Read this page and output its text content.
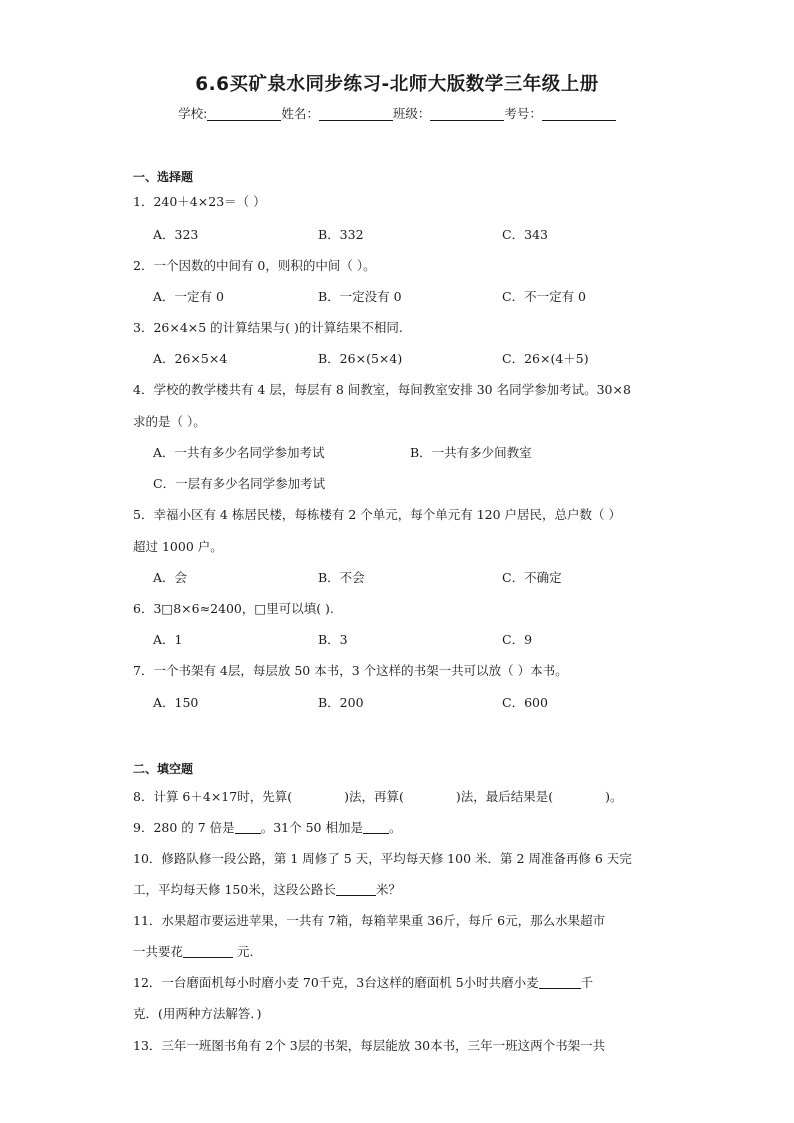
6.6买矿泉水同步练习-北师大版数学三年级上册
学校:	姓名：	班级：	考号：
一、选择题
1．240＋4×23＝（ ）
A．323	B．332	C．343
2．一个因数的中间有 0，则积的中间（ ）。
A．一定有 0	B．一定没有 0	C．不一定有 0
3．26×4×5 的计算结果与( )的计算结果不相同.
A．26×5×4	B．26×(5×4)	C．26×(4＋5)
4．学校的教学楼共有 4 层，每层有 8 间教室，每间教室安排 30 名同学参加考试。30×8
求的是（ ）。
A．一共有多少名同学参加考试	B．一共有多少间教室
C．一层有多少名同学参加考试
5．幸福小区有 4 栋居民楼，每栋楼有 2 个单元，每个单元有 120 户居民，总户数（ ）
超过 1000 户。
A．会	B．不会	C．不确定
6．3□8×6≈2400，□里可以填( ).
A．1	B．3	C．9
7．一个书架有 4层，每层放 50 本书，3 个这样的书架一共可以放（ ）本书。
A．150	B．200	C．600
二、填空题
8．计算 6＋4×17时，先算(	)法，再算(	)法，最后结果是(	)。
9．280 的 7 倍是 。31个 50 相加是 。
10．修路队修一段公路，第 1 周修了 5 天，平均每天修 100 米．第 2 周准备再修 6 天完
工，平均每天修 150米，这段公路长	米？
11．水果超市要运进苹果，一共有 7箱，每箱苹果重 36斤，每斤 6元，那么水果超市
一共要花	元.
12．一台磨面机每小时磨小麦 70千克，3台这样的磨面机 5小时共磨小麦	千
克．(用两种方法解答．)
13．三年一班图书角有 2个 3层的书架，每层能放 30本书，三年一班这两个书架一共
